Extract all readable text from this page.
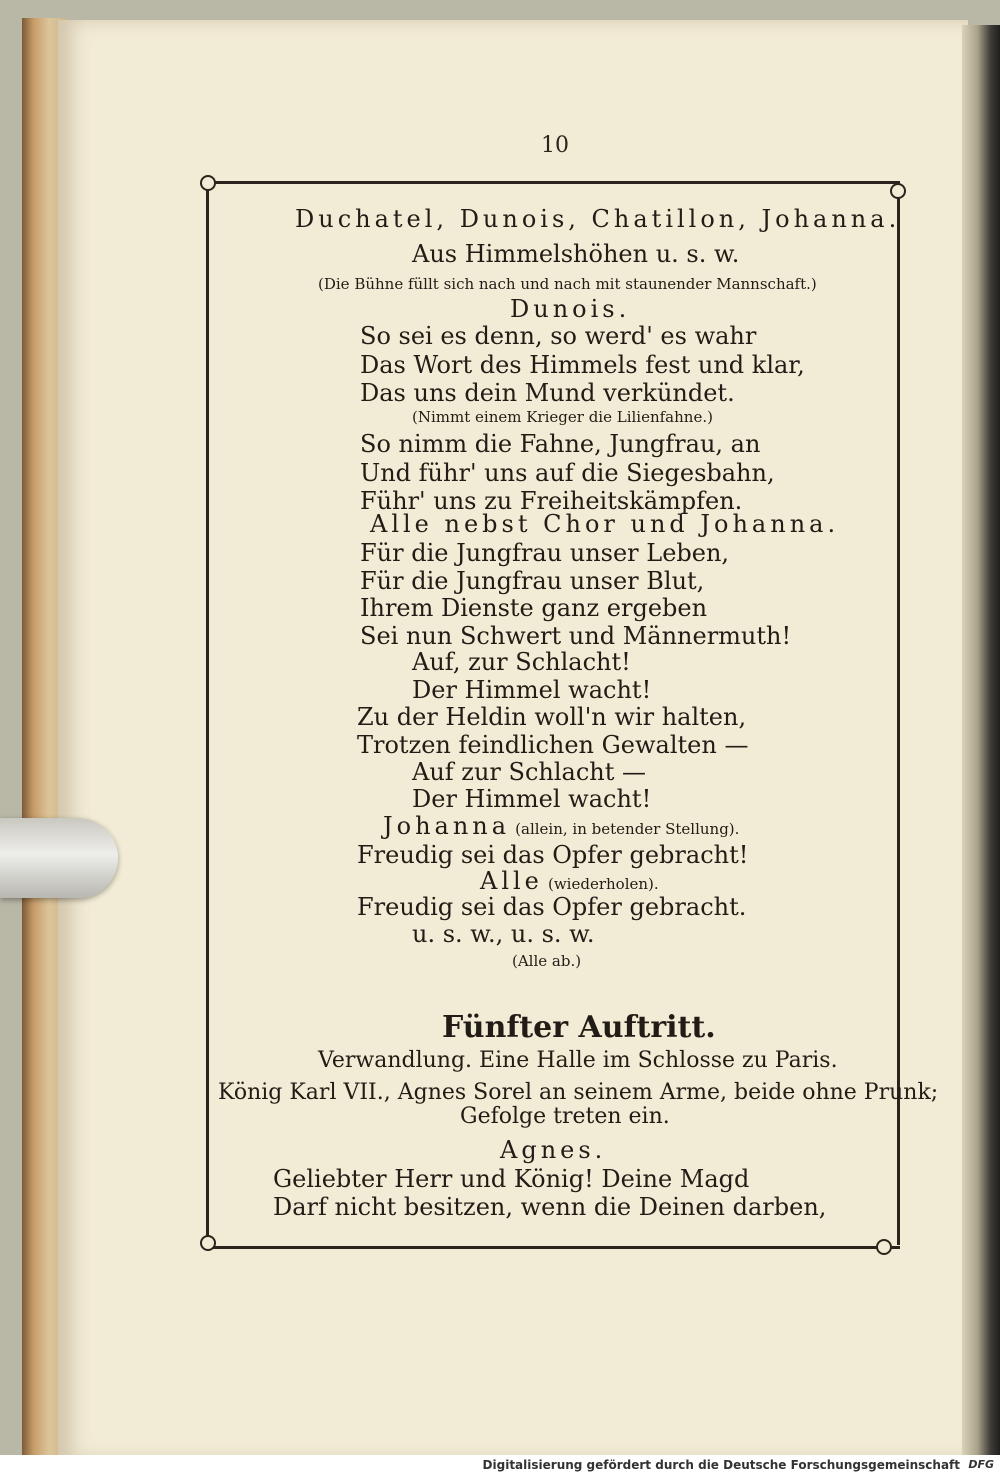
10
Duchatel, Dunois, Chatillon, Johanna.
Aus Himmelshöhen u. s. w.
(Die Bühne füllt sich nach und nach mit staunender Mannschaft.)
Dunois.
So sei es denn, so werd' es wahr
Das Wort des Himmels fest und klar,
Das uns dein Mund verkündet.
(Nimmt einem Krieger die Lilienfahne.)
So nimm die Fahne, Jungfrau, an
Und führ' uns auf die Siegesbahn,
Führ' uns zu Freiheitskämpfen.
Alle nebst Chor und Johanna.
Für die Jungfrau unser Leben,
Für die Jungfrau unser Blut,
Ihrem Dienste ganz ergeben
Sei nun Schwert und Männermuth!
Auf, zur Schlacht!
Der Himmel wacht!
Zu der Heldin woll'n wir halten,
Trotzen feindlichen Gewalten —
Auf zur Schlacht —
Der Himmel wacht!
Johanna (allein, in betender Stellung).
Freudig sei das Opfer gebracht!
Alle (wiederholen).
Freudig sei das Opfer gebracht.
u. s. w., u. s. w.
(Alle ab.)
Fünfter Auftritt.
Verwandlung. Eine Halle im Schlosse zu Paris.
König Karl VII., Agnes Sorel an seinem Arme, beide ohne Prunk;
Gefolge treten ein.
Agnes.
Geliebter Herr und König! Deine Magd
Darf nicht besitzen, wenn die Deinen darben,
Digitalisierung gefördert durch die Deutsche Forschungsgemeinschaft DFG
